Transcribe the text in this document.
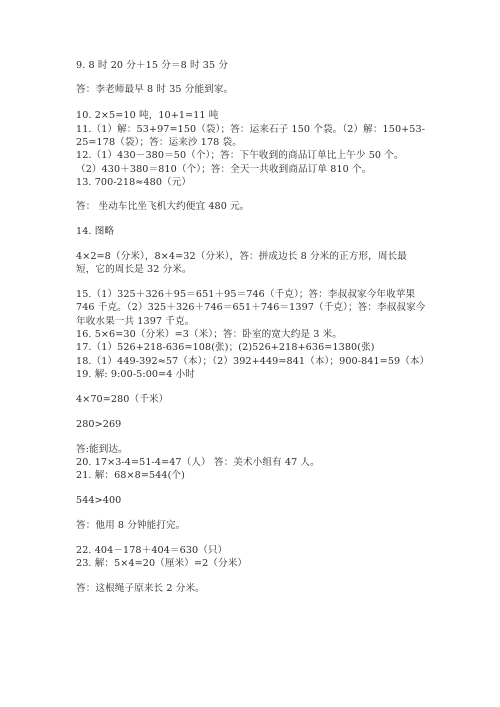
9. 8 时 20 分＋15 分＝8 时 35 分
答：李老师最早 8 时 35 分能到家。
10. 2×5=10 吨，10+1=11 吨
11.（1）解：53+97=150（袋）；答：运来石子 150 个袋。（2）解：150+53-
25=178（袋）；答：运来沙 178 袋。
12.（1）430－380＝50（个）；答：下午收到的商品订单比上午少 50 个。
（2）430＋380＝810（个）；答：全天一共收到商品订单 810 个。
13. 700-218≈480（元）
答： 坐动车比坐飞机大约便宜 480 元。
14. 图略
4×2=8（分米），8×4=32（分米），答：拼成边长 8 分米的正方形，周长最
短，它的周长是 32 分米。
15.（1）325＋326＋95＝651＋95＝746（千克）；答：李叔叔家今年收苹果
746 千克。（2）325＋326＋746＝651＋746＝1397（千克）；答：李叔叔家今
年收水果一共 1397 千克。
16. 5×6=30（分米）=3（米）；答：卧室的宽大约是 3 米。
17.（1）526+218-636=108(张)；(2)526+218+636=1380(张)
18.（1）449-392≈57（本）；（2）392+449=841（本）；900-841=59（本）
19. 解: 9:00-5:00=4 小时
4×70=280（千米）
280>269
答:能到达。
20. 17×3-4=51-4=47（人） 答：美术小组有 47 人。
21. 解：68×8=544(个)
544>400
答：他用 8 分钟能打完。
22. 404－178＋404＝630（只）
23. 解：5×4=20（厘米）=2（分米）
答：这根绳子原来长 2 分米。
